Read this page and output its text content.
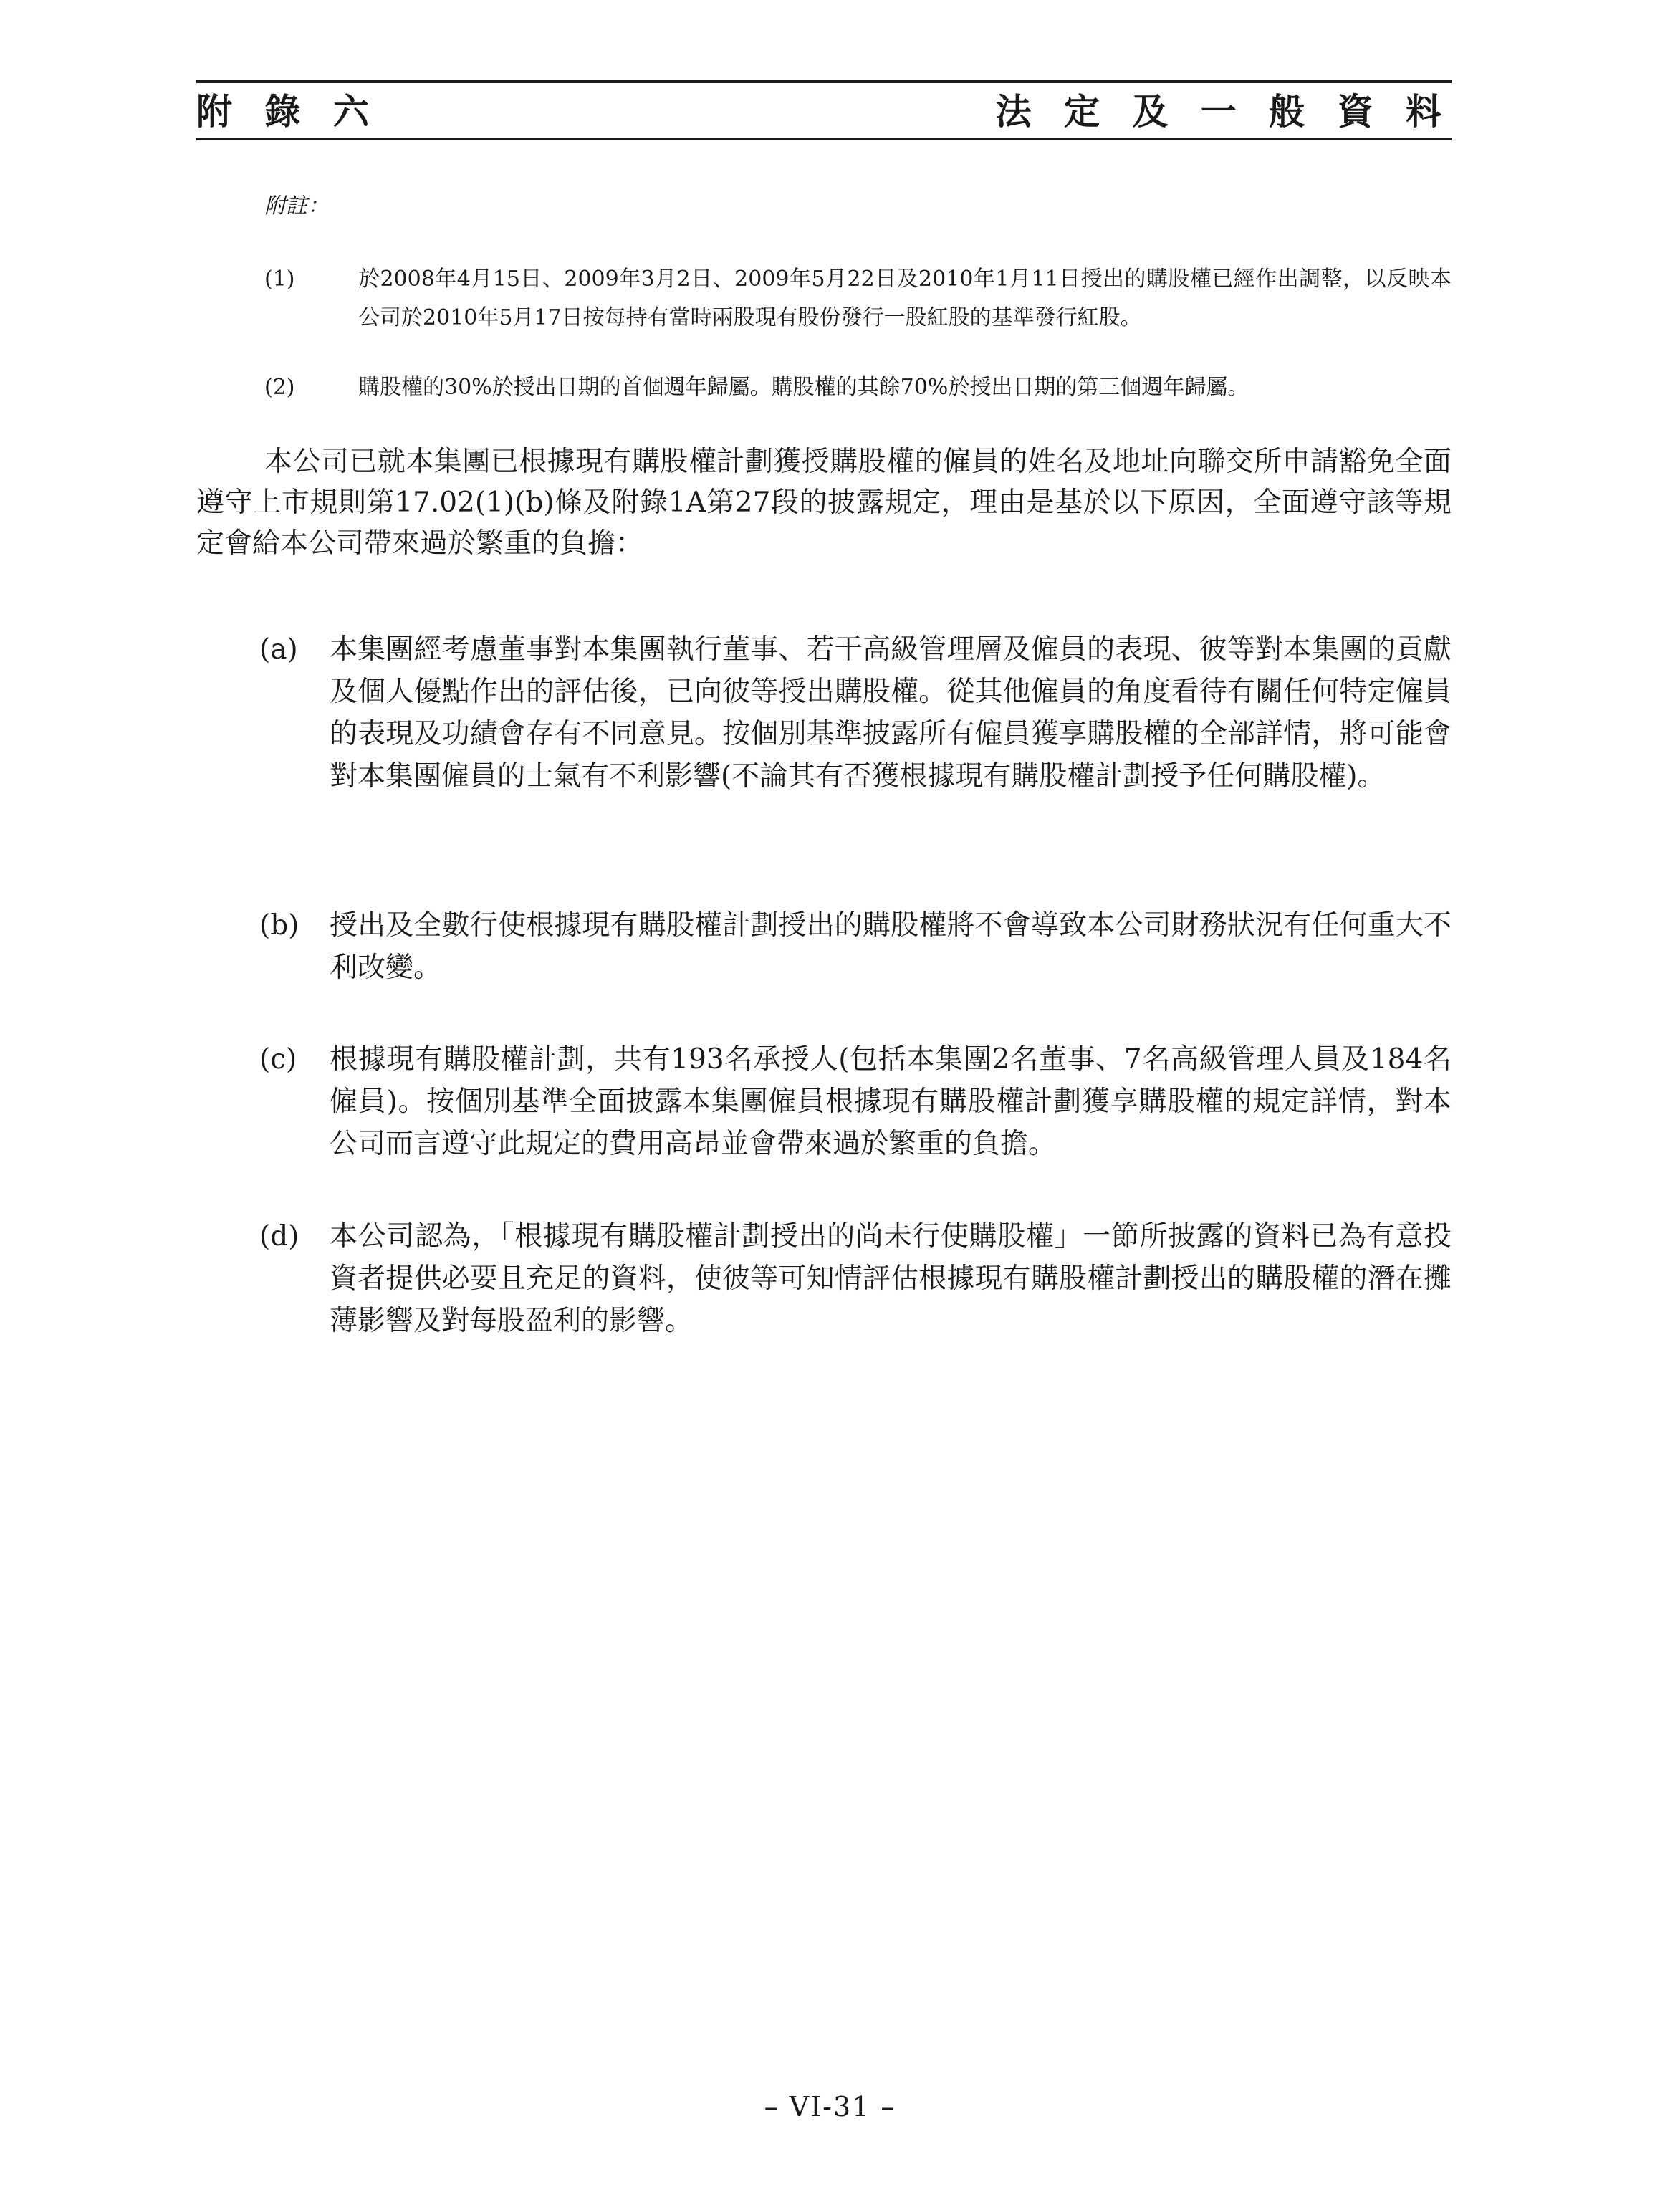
附 錄 六	法 定 及 一 般 資 料
附註：
(1)	於2008年4月15日、2009年3月2日、2009年5月22日及2010年1月11日授出的購股權已經作出調整，以反映本公司於2010年5月17日按每持有當時兩股現有股份發行一股紅股的基準發行紅股。
(2)	購股權的30%於授出日期的首個週年歸屬。購股權的其餘70%於授出日期的第三個週年歸屬。
本公司已就本集團已根據現有購股權計劃獲授購股權的僱員的姓名及地址向聯交所申請豁免全面遵守上市規則第17.02(1)(b)條及附錄1A第27段的披露規定，理由是基於以下原因，全面遵守該等規定會給本公司帶來過於繁重的負擔：
(a) 本集團經考慮董事對本集團執行董事、若干高級管理層及僱員的表現、彼等對本集團的貢獻及個人優點作出的評估後，已向彼等授出購股權。從其他僱員的角度看待有關任何特定僱員的表現及功績會存有不同意見。按個別基準披露所有僱員獲享購股權的全部詳情，將可能會對本集團僱員的士氣有不利影響(不論其有否獲根據現有購股權計劃授予任何購股權)。
(b) 授出及全數行使根據現有購股權計劃授出的購股權將不會導致本公司財務狀況有任何重大不利改變。
(c) 根據現有購股權計劃，共有193名承授人(包括本集團2名董事、7名高級管理人員及184名僱員)。按個別基準全面披露本集團僱員根據現有購股權計劃獲享購股權的規定詳情，對本公司而言遵守此規定的費用高昂並會帶來過於繁重的負擔。
(d) 本公司認為，「根據現有購股權計劃授出的尚未行使購股權」一節所披露的資料已為有意投資者提供必要且充足的資料，使彼等可知情評估根據現有購股權計劃授出的購股權的潛在攤薄影響及對每股盈利的影響。
– VI-31 –
